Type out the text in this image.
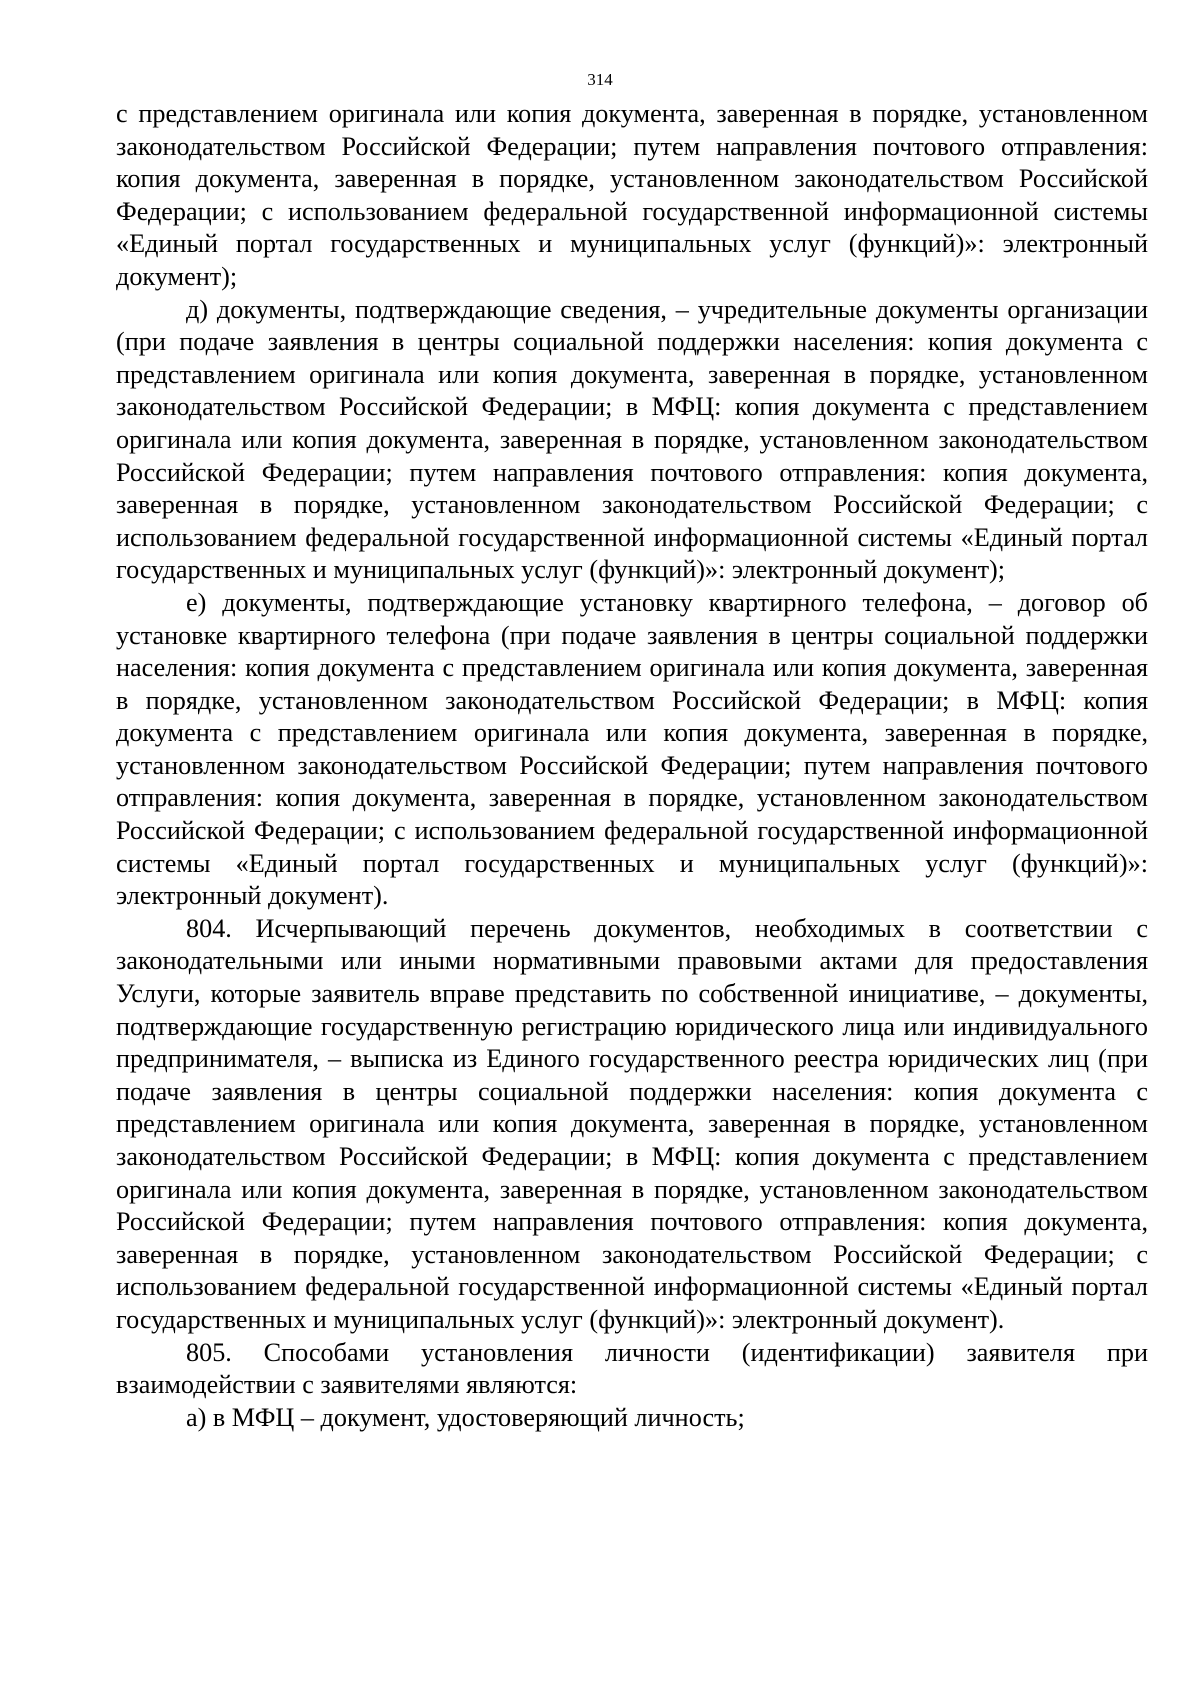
314

с представлением оригинала или копия документа, заверенная в порядке, установленном законодательством Российской Федерации; путем направления почтового отправления: копия документа, заверенная в порядке, установленном законодательством Российской Федерации; с использованием федеральной государственной информационной системы «Единый портал государственных и муниципальных услуг (функций)»: электронный документ);

д) документы, подтверждающие сведения, – учредительные документы организации (при подаче заявления в центры социальной поддержки населения: копия документа с представлением оригинала или копия документа, заверенная в порядке, установленном законодательством Российской Федерации; в МФЦ: копия документа с представлением оригинала или копия документа, заверенная в порядке, установленном законодательством Российской Федерации; путем направления почтового отправления: копия документа, заверенная в порядке, установленном законодательством Российской Федерации; с использованием федеральной государственной информационной системы «Единый портал государственных и муниципальных услуг (функций)»: электронный документ);

е) документы, подтверждающие установку квартирного телефона, – договор об установке квартирного телефона (при подаче заявления в центры социальной поддержки населения: копия документа с представлением оригинала или копия документа, заверенная в порядке, установленном законодательством Российской Федерации; в МФЦ: копия документа с представлением оригинала или копия документа, заверенная в порядке, установленном законодательством Российской Федерации; путем направления почтового отправления: копия документа, заверенная в порядке, установленном законодательством Российской Федерации; с использованием федеральной государственной информационной системы «Единый портал государственных и муниципальных услуг (функций)»: электронный документ).

804. Исчерпывающий перечень документов, необходимых в соответствии с законодательными или иными нормативными правовыми актами для предоставления Услуги, которые заявитель вправе представить по собственной инициативе, – документы, подтверждающие государственную регистрацию юридического лица или индивидуального предпринимателя, – выписка из Единого государственного реестра юридических лиц (при подаче заявления в центры социальной поддержки населения: копия документа с представлением оригинала или копия документа, заверенная в порядке, установленном законодательством Российской Федерации; в МФЦ: копия документа с представлением оригинала или копия документа, заверенная в порядке, установленном законодательством Российской Федерации; путем направления почтового отправления: копия документа, заверенная в порядке, установленном законодательством Российской Федерации; с использованием федеральной государственной информационной системы «Единый портал государственных и муниципальных услуг (функций)»: электронный документ).

805. Способами установления личности (идентификации) заявителя при взаимодействии с заявителями являются:

а) в МФЦ – документ, удостоверяющий личность;
